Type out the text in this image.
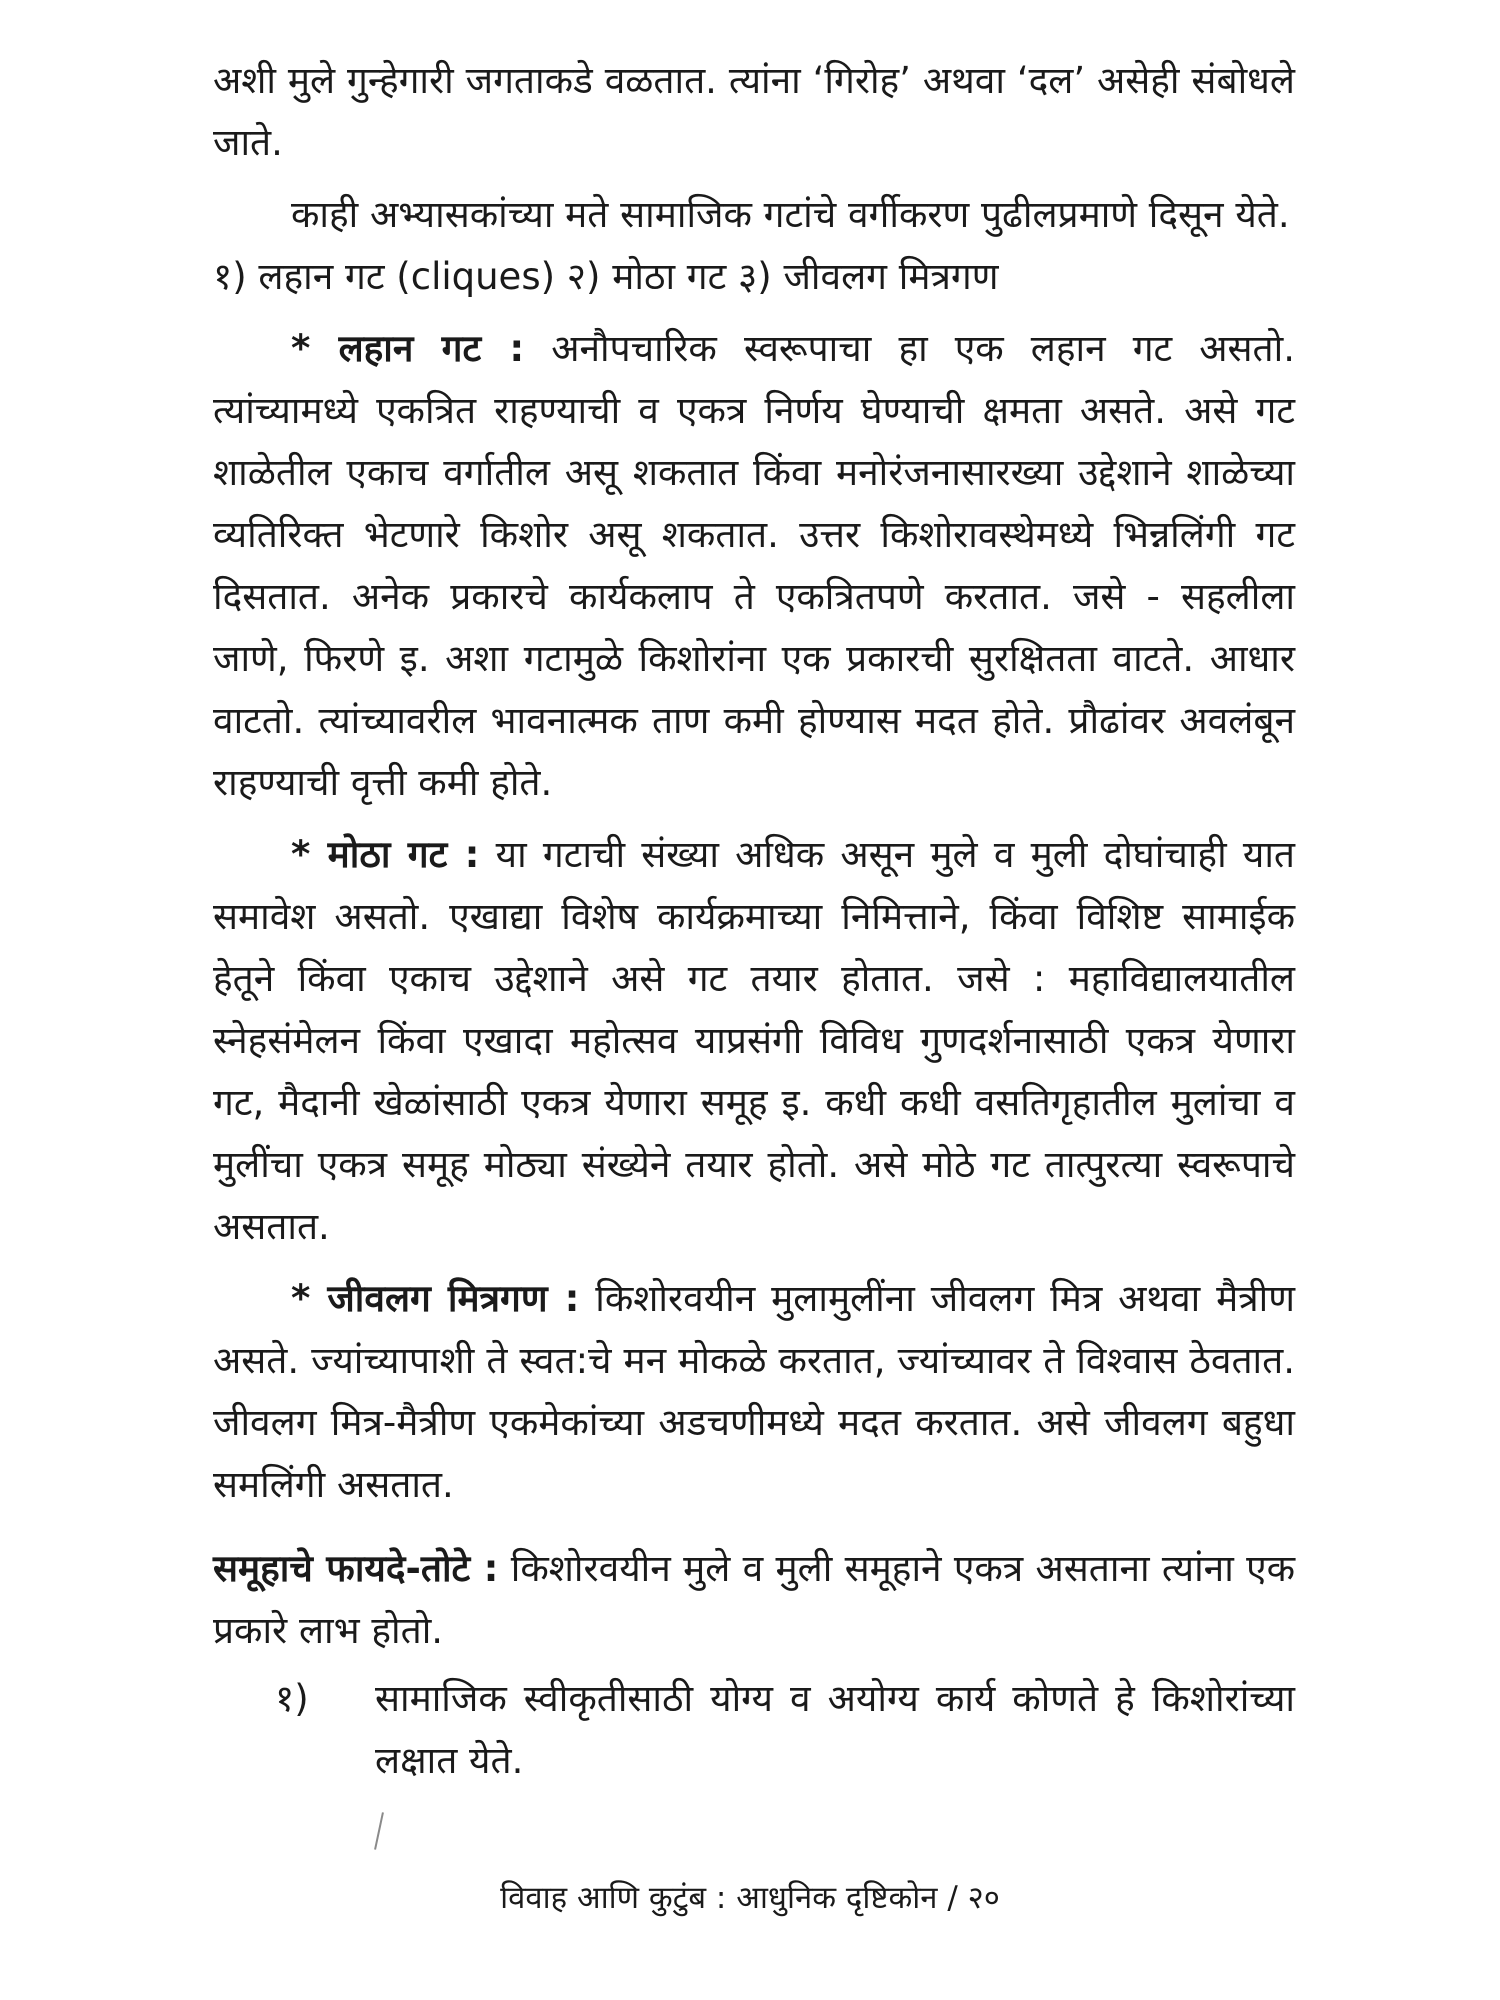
अशी मुले गुन्हेगारी जगताकडे वळतात. त्यांना ‘गिरोह’ अथवा ‘दल’ असेही संबोधले जाते.

काही अभ्यासकांच्या मते सामाजिक गटांचे वर्गीकरण पुढीलप्रमाणे दिसून येते.

१) लहान गट (cliques) २) मोठा गट ३) जीवलग मित्रगण

* लहान गट : अनौपचारिक स्वरूपाचा हा एक लहान गट असतो. त्यांच्यामध्ये एकत्रित राहण्याची व एकत्र निर्णय घेण्याची क्षमता असते. असे गट शाळेतील एकाच वर्गातील असू शकतात किंवा मनोरंजनासारख्या उद्देशाने शाळेच्या व्यतिरिक्त भेटणारे किशोर असू शकतात. उत्तर किशोरावस्थेमध्ये भिन्नलिंगी गट दिसतात. अनेक प्रकारचे कार्यकलाप ते एकत्रितपणे करतात. जसे - सहलीला जाणे, फिरणे इ. अशा गटामुळे किशोरांना एक प्रकारची सुरक्षितता वाटते. आधार वाटतो. त्यांच्यावरील भावनात्मक ताण कमी होण्यास मदत होते. प्रौढांवर अवलंबून राहण्याची वृत्ती कमी होते.

* मोठा गट : या गटाची संख्या अधिक असून मुले व मुली दोघांचाही यात समावेश असतो. एखाद्या विशेष कार्यक्रमाच्या निमित्ताने, किंवा विशिष्ट सामाईक हेतूने किंवा एकाच उद्देशाने असे गट तयार होतात. जसे : महाविद्यालयातील स्नेहसंमेलन किंवा एखादा महोत्सव याप्रसंगी विविध गुणदर्शनासाठी एकत्र येणारा गट, मैदानी खेळांसाठी एकत्र येणारा समूह इ. कधी कधी वसतिगृहातील मुलांचा व मुलींचा एकत्र समूह मोठ्या संख्येने तयार होतो. असे मोठे गट तात्पुरत्या स्वरूपाचे असतात.

* जीवलग मित्रगण : किशोरवयीन मुलामुलींना जीवलग मित्र अथवा मैत्रीण असते. ज्यांच्यापाशी ते स्वत:चे मन मोकळे करतात, ज्यांच्यावर ते विश्वास ठेवतात. जीवलग मित्र-मैत्रीण एकमेकांच्या अडचणीमध्ये मदत करतात. असे जीवलग बहुधा समलिंगी असतात.

समूहाचे फायदे-तोटे : किशोरवयीन मुले व मुली समूहाने एकत्र असताना त्यांना एक प्रकारे लाभ होतो.

१)	सामाजिक स्वीकृतीसाठी योग्य व अयोग्य कार्य कोणते हे किशोरांच्या लक्षात येते.

विवाह आणि कुटुंब : आधुनिक दृष्टिकोन / २०
